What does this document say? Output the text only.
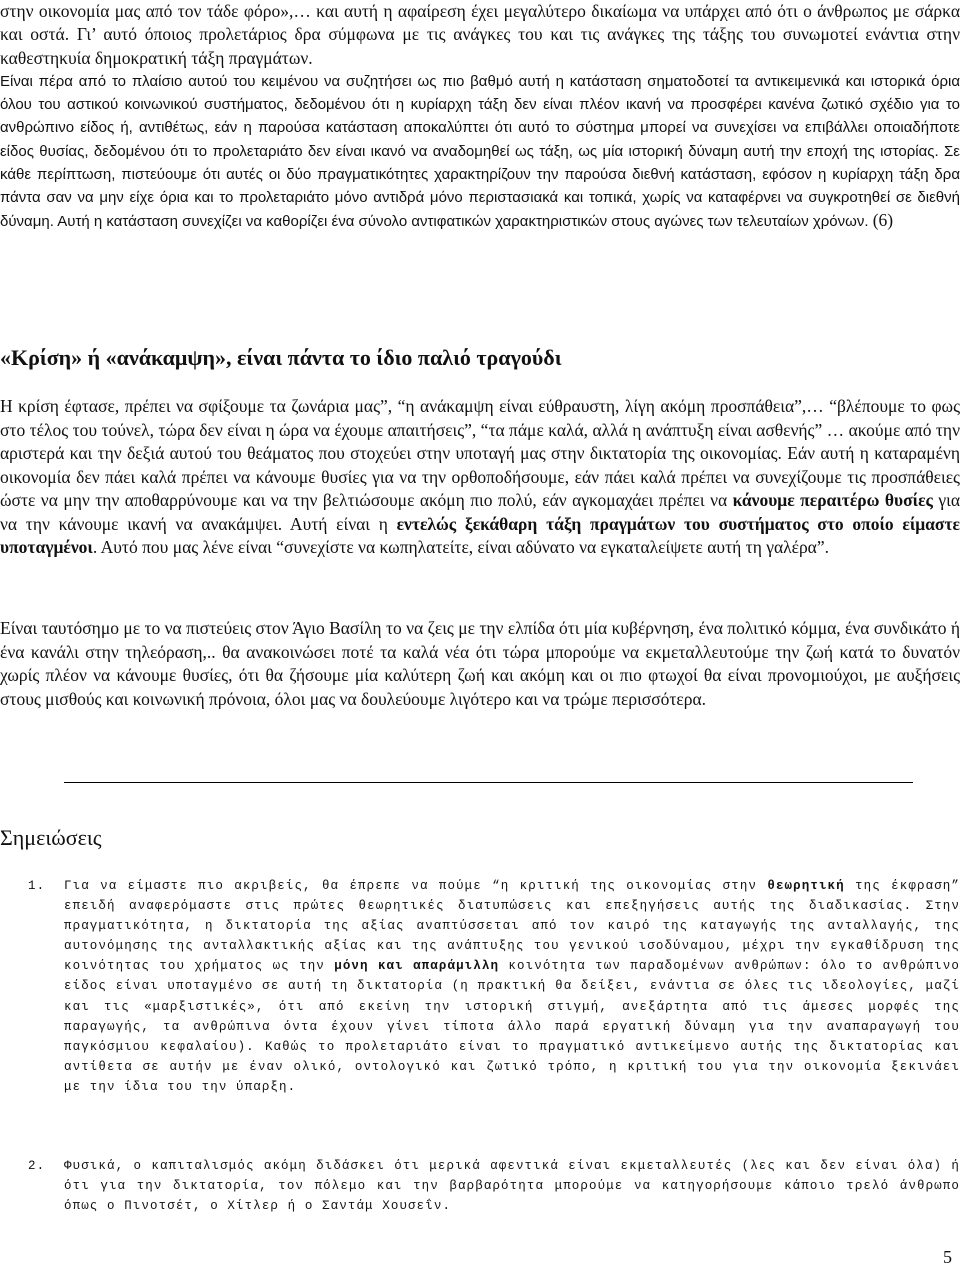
στην οικονομία μας από τον τάδε φόρο»,… και αυτή η αφαίρεση έχει μεγαλύτερο δικαίωμα να υπάρχει από ότι ο άνθρωπος με σάρκα και οστά. Γι’ αυτό όποιος προλετάριος δρα σύμφωνα με τις ανάγκες του και τις ανάγκες της τάξης του συνωμοτεί ενάντια στην καθεστηκυία δημοκρατική τάξη πραγμάτων.
Είναι πέρα από το πλαίσιο αυτού του κειμένου να συζητήσει ως πιο βαθμό αυτή η κατάσταση σηματοδοτεί τα αντικειμενικά και ιστορικά όρια όλου του αστικού κοινωνικού συστήματος, δεδομένου ότι η κυρίαρχη τάξη δεν είναι πλέον ικανή να προσφέρει κανένα ζωτικό σχέδιο για το ανθρώπινο είδος ή, αντιθέτως, εάν η παρούσα κατάσταση αποκαλύπτει ότι αυτό το σύστημα μπορεί να συνεχίσει να επιβάλλει οποιαδήποτε είδος θυσίας, δεδομένου ότι το προλεταριάτο δεν είναι ικανό να αναδομηθεί ως τάξη, ως μία ιστορική δύναμη αυτή την εποχή της ιστορίας. Σε κάθε περίπτωση, πιστεύουμε ότι αυτές οι δύο πραγματικότητες χαρακτηρίζουν την παρούσα διεθνή κατάσταση, εφόσον η κυρίαρχη τάξη δρα πάντα σαν να μην είχε όρια και το προλεταριάτο μόνο αντιδρά μόνο περιστασιακά και τοπικά, χωρίς να καταφέρνει να συγκροτηθεί σε διεθνή δύναμη. Αυτή η κατάσταση συνεχίζει να καθορίζει ένα σύνολο αντιφατικών χαρακτηριστικών στους αγώνες των τελευταίων χρόνων. (6)
«Κρίση» ή «ανάκαμψη», είναι πάντα το ίδιο παλιό τραγούδι
Η κρίση έφτασε, πρέπει να σφίξουμε τα ζωνάρια μας”, “η ανάκαμψη είναι εύθραυστη, λίγη ακόμη προσπάθεια”,… “βλέπουμε το φως στο τέλος του τούνελ, τώρα δεν είναι η ώρα να έχουμε απαιτήσεις”, “τα πάμε καλά, αλλά η ανάπτυξη είναι ασθενής” … ακούμε από την αριστερά και την δεξιά αυτού του θεάματος που στοχεύει στην υποταγή μας στην δικτατορία της οικονομίας. Εάν αυτή η καταραμένη οικονομία δεν πάει καλά πρέπει να κάνουμε θυσίες για να την ορθοποδήσουμε, εάν πάει καλά πρέπει να συνεχίζουμε τις προσπάθειες ώστε να μην την αποθαρρύνουμε και να την βελτιώσουμε ακόμη πιο πολύ, εάν αγκομαχάει πρέπει να κάνουμε περαιτέρω θυσίες για να την κάνουμε ικανή να ανακάμψει. Αυτή είναι η εντελώς ξεκάθαρη τάξη πραγμάτων του συστήματος στο οποίο είμαστε υποταγμένοι. Αυτό που μας λένε είναι “συνεχίστε να κωπηλατείτε, είναι αδύνατο να εγκαταλείψετε αυτή τη γαλέρα”.
Είναι ταυτόσημο με το να πιστεύεις στον Άγιο Βασίλη το να ζεις με την ελπίδα ότι μία κυβέρνηση, ένα πολιτικό κόμμα, ένα συνδικάτο ή ένα κανάλι στην τηλεόραση,.. θα ανακοινώσει ποτέ τα καλά νέα ότι τώρα μπορούμε να εκμεταλλευτούμε την ζωή κατά το δυνατόν χωρίς πλέον να κάνουμε θυσίες, ότι θα ζήσουμε μία καλύτερη ζωή και ακόμη και οι πιο φτωχοί θα είναι προνομιούχοι, με αυξήσεις στους μισθούς και κοινωνική πρόνοια, όλοι μας να δουλεύουμε λιγότερο και να τρώμε περισσότερα.
Σημειώσεις
1.	Για να είμαστε πιο ακριβείς, θα έπρεπε να πούμε “η κριτική της οικονομίας στην θεωρητική της έκφραση” επειδή αναφερόμαστε στις πρώτες θεωρητικές διατυπώσεις και επεξηγήσεις αυτής της διαδικασίας. Στην πραγματικότητα, η δικτατορία της αξίας αναπτύσσεται από τον καιρό της καταγωγής της ανταλλαγής, της αυτονόμησης της ανταλλακτικής αξίας και της ανάπτυξης του γενικού ισοδύναμου, μέχρι την εγκαθίδρυση της κοινότητας του χρήματος ως την μόνη και απαράμιλλη κοινότητα των παραδομένων ανθρώπων: όλο το ανθρώπινο είδος είναι υποταγμένο σε αυτή τη δικτατορία (η πρακτική θα δείξει, ενάντια σε όλες τις ιδεολογίες, μαζί και τις «μαρξιστικές», ότι από εκείνη την ιστορική στιγμή, ανεξάρτητα από τις άμεσες μορφές της παραγωγής, τα ανθρώπινα όντα έχουν γίνει τίποτα άλλο παρά εργατική δύναμη για την αναπαραγωγή του παγκόσμιου κεφαλαίου). Καθώς το προλεταριάτο είναι το πραγματικό αντικείμενο αυτής της δικτατορίας και αντίθετα σε αυτήν με έναν ολικό, οντολογικό και ζωτικό τρόπο, η κριτική του για την οικονομία ξεκινάει με την ίδια του την ύπαρξη.
2.	Φυσικά, ο καπιταλισμός ακόμη διδάσκει ότι μερικά αφεντικά είναι εκμεταλλευτές (λες και δεν είναι όλα) ή ότι για την δικτατορία, τον πόλεμο και την βαρβαρότητα μπορούμε να κατηγορήσουμε κάποιο τρελό άνθρωπο όπως ο Πινοτσέτ, ο Χίτλερ ή ο Σαντάμ Χουσεΐν.
5
